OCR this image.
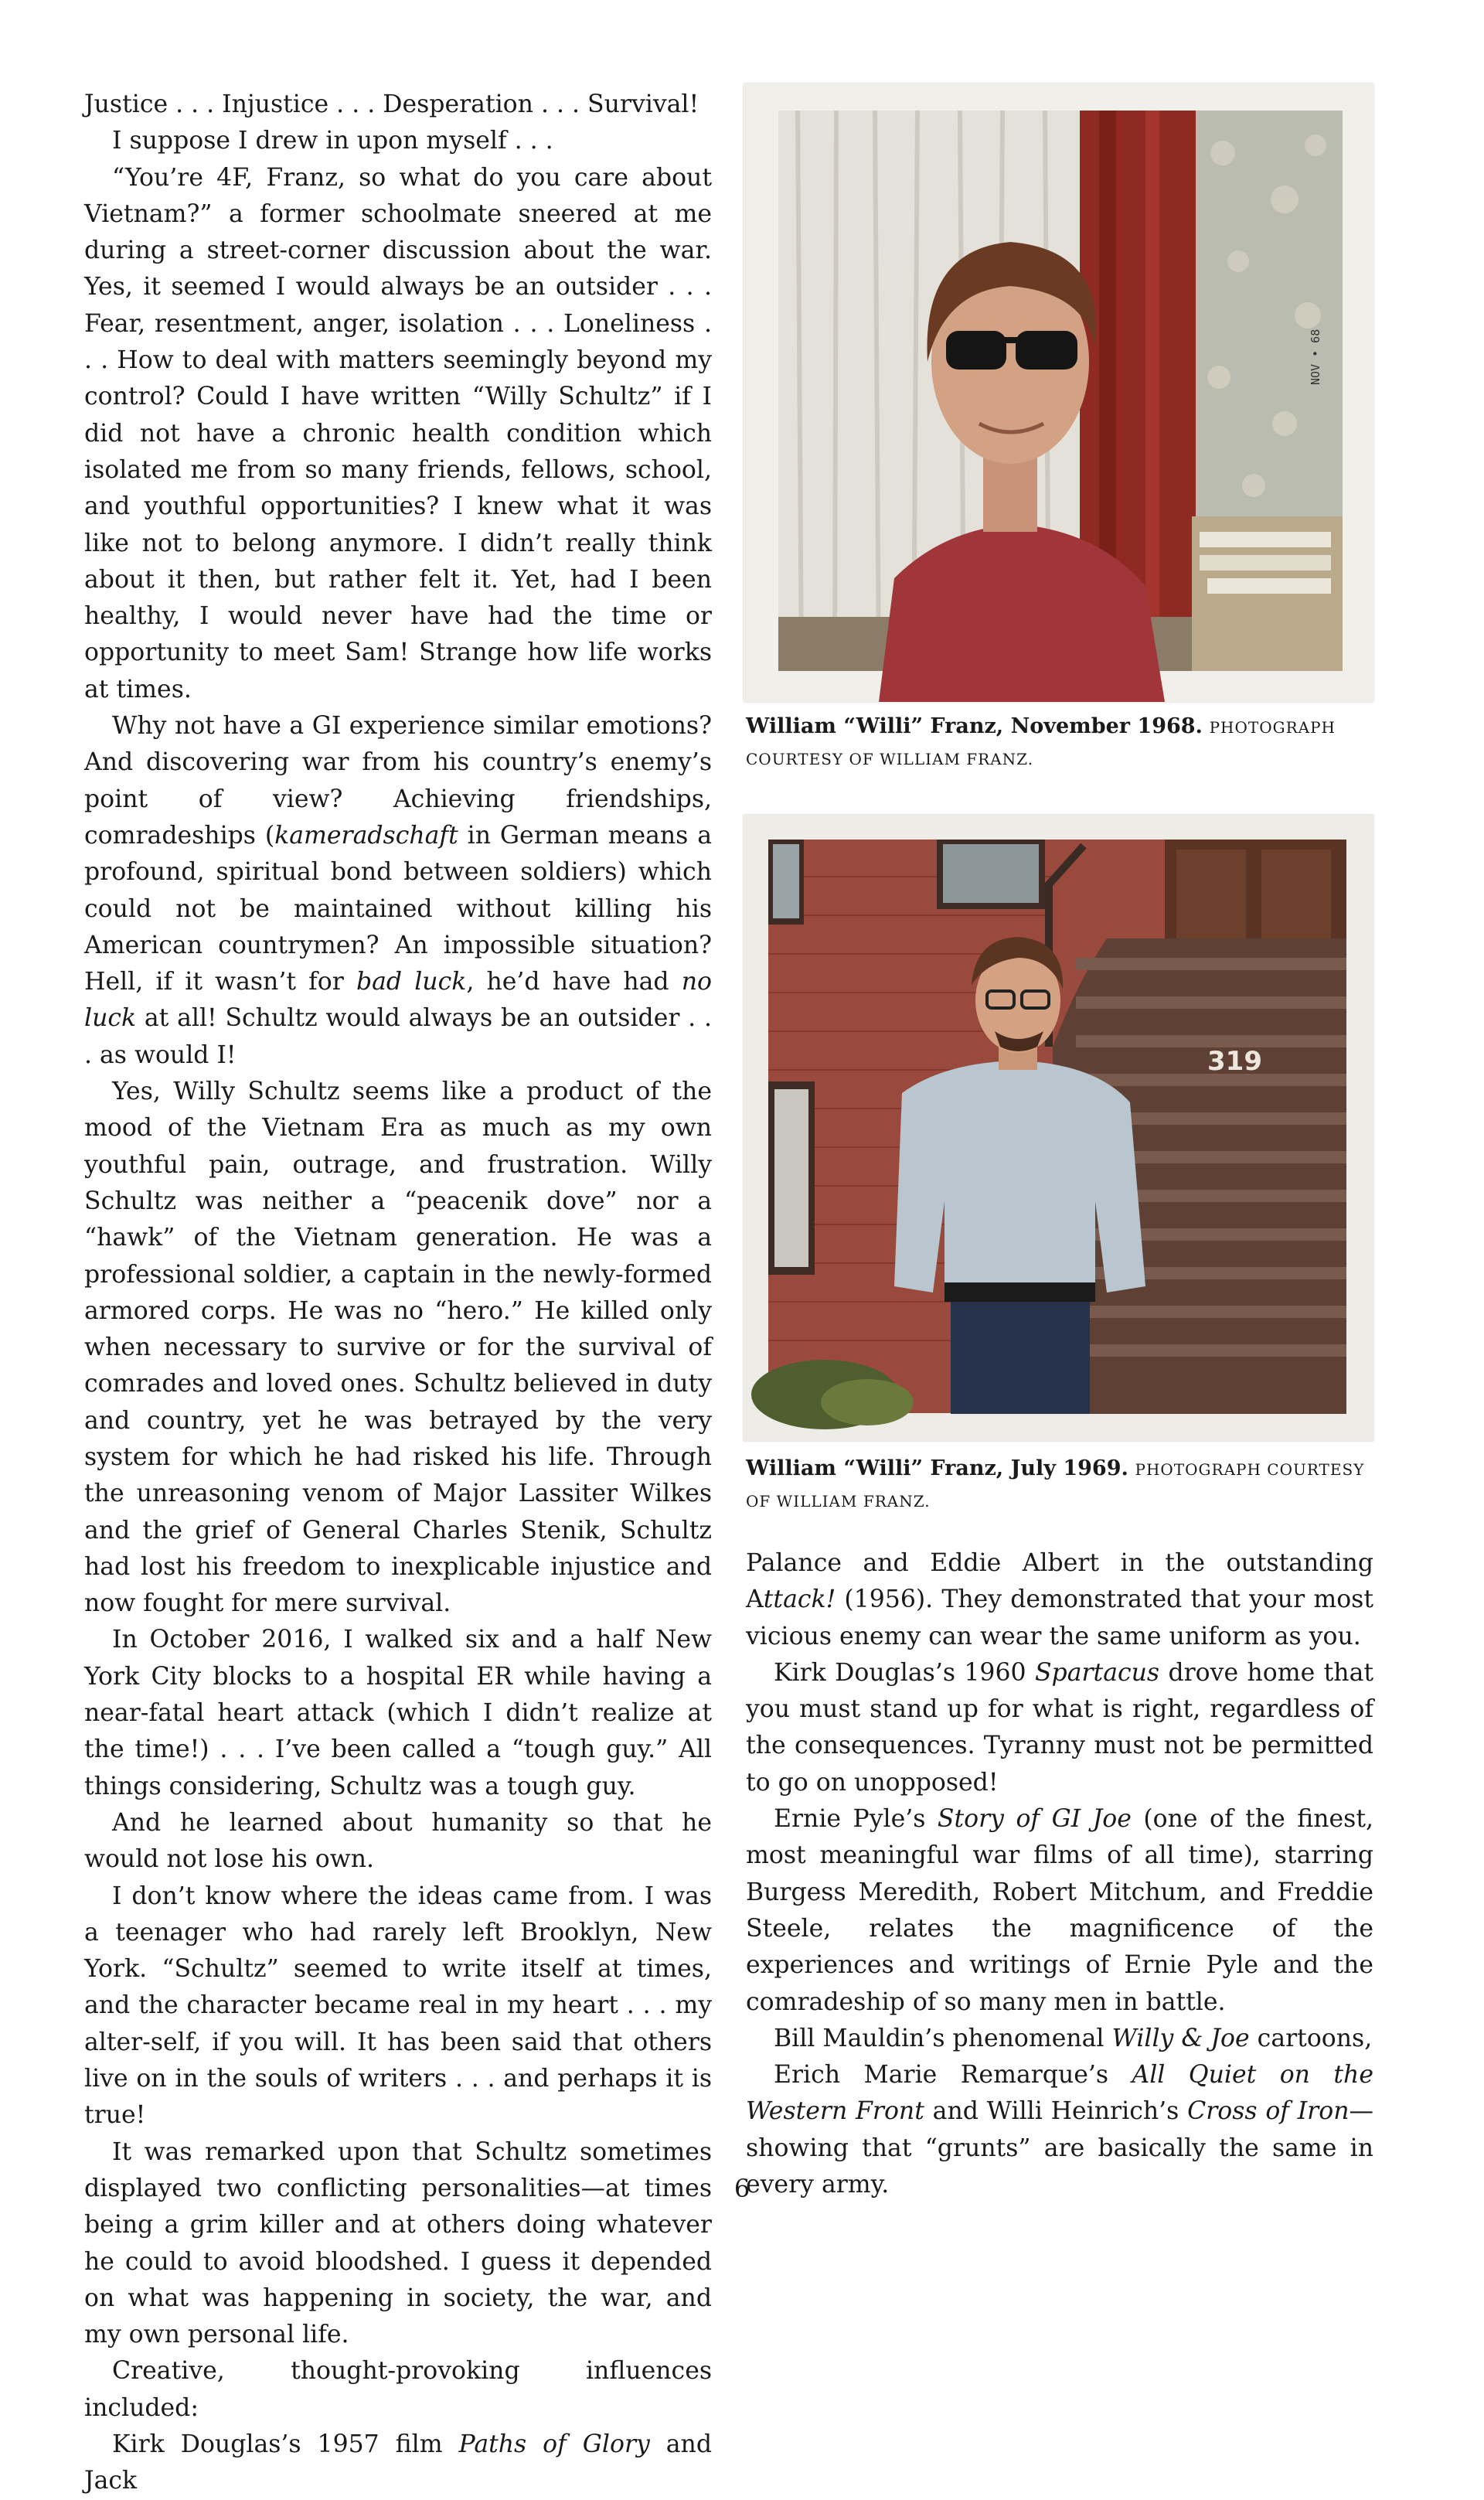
Justice . . . Injustice . . . Desperation . . . Survival!

I suppose I drew in upon myself . . .

“You’re 4F, Franz, so what do you care about Vietnam?” a former schoolmate sneered at me during a street-corner discussion about the war. Yes, it seemed I would always be an outsider . . . Fear, resentment, anger, isolation . . . Loneliness . . . How to deal with matters seemingly beyond my control? Could I have written “Willy Schultz” if I did not have a chronic health condition which isolated me from so many friends, fellows, school, and youthful opportunities? I knew what it was like not to belong anymore. I didn’t really think about it then, but rather felt it. Yet, had I been healthy, I would never have had the time or opportunity to meet Sam! Strange how life works at times.

Why not have a GI experience similar emotions? And discovering war from his country’s enemy’s point of view? Achieving friendships, comradeships (kameradschaft in German means a profound, spiritual bond between soldiers) which could not be maintained without killing his American countrymen? An impossible situation? Hell, if it wasn’t for bad luck, he’d have had no luck at all! Schultz would always be an outsider . . . as would I!

Yes, Willy Schultz seems like a product of the mood of the Vietnam Era as much as my own youthful pain, outrage, and frustration. Willy Schultz was neither a “peacenik dove” nor a “hawk” of the Vietnam generation. He was a professional soldier, a captain in the newly-formed armored corps. He was no “hero.” He killed only when necessary to survive or for the survival of comrades and loved ones. Schultz believed in duty and country, yet he was betrayed by the very system for which he had risked his life. Through the unreasoning venom of Major Lassiter Wilkes and the grief of General Charles Stenik, Schultz had lost his freedom to inexplicable injustice and now fought for mere survival.

In October 2016, I walked six and a half New York City blocks to a hospital ER while having a near-fatal heart attack (which I didn’t realize at the time!) . . . I’ve been called a “tough guy.” All things considering, Schultz was a tough guy.

And he learned about humanity so that he would not lose his own.

I don’t know where the ideas came from. I was a teenager who had rarely left Brooklyn, New York. “Schultz” seemed to write itself at times, and the character became real in my heart . . . my alter-self, if you will. It has been said that others live on in the souls of writers . . . and perhaps it is true!

It was remarked upon that Schultz sometimes displayed two conflicting personalities—at times being a grim killer and at others doing whatever he could to avoid bloodshed. I guess it depended on what was happening in society, the war, and my own personal life.

Creative, thought-provoking influences included:

Kirk Douglas’s 1957 film Paths of Glory and Jack

NOV • 68
William “Willi” Franz, November 1968. PHOTOGRAPH COURTESY OF WILLIAM FRANZ.
319
William “Willi” Franz, July 1969. PHOTOGRAPH COURTESY OF WILLIAM FRANZ.

Palance and Eddie Albert in the outstanding Attack! (1956). They demonstrated that your most vicious enemy can wear the same uniform as you.

Kirk Douglas’s 1960 Spartacus drove home that you must stand up for what is right, regardless of the consequences. Tyranny must not be permitted to go on unopposed!

Ernie Pyle’s Story of GI Joe (one of the finest, most meaningful war films of all time), starring Burgess Meredith, Robert Mitchum, and Freddie Steele, relates the magnificence of the experiences and writings of Ernie Pyle and the comradeship of so many men in battle.

Bill Mauldin’s phenomenal Willy & Joe cartoons,

Erich Marie Remarque’s All Quiet on the Western Front and Willi Heinrich’s Cross of Iron—showing that “grunts” are basically the same in every army.

6
